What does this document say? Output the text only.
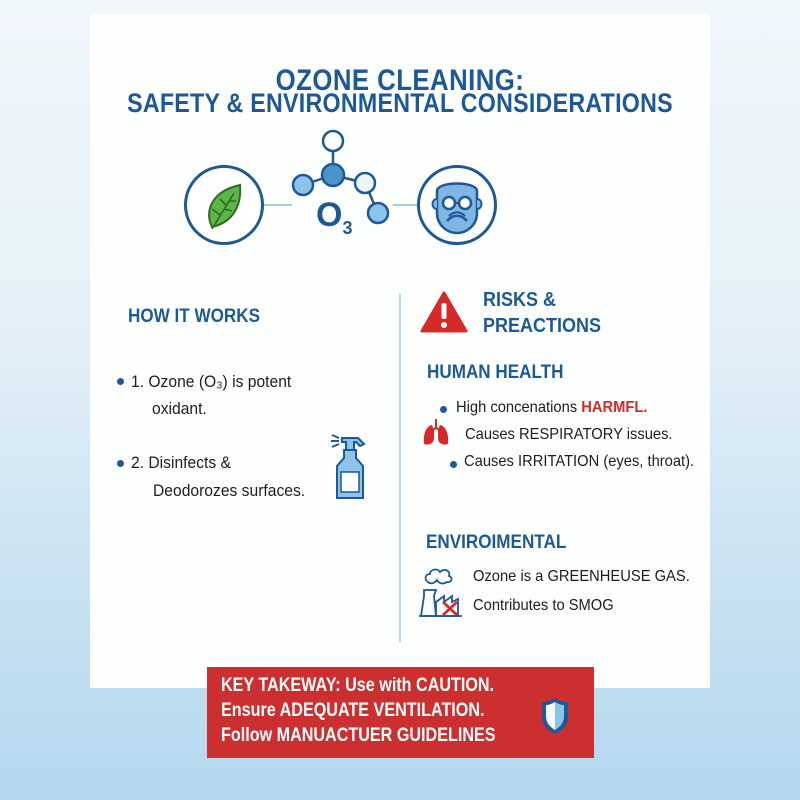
OZONE CLEANING:
SAFETY & ENVIRONMENTAL CONSIDERATIONS
O3
HOW IT WORKS
1. Ozone (O₃) is potent
oxidant.
2. Disinfects &
Deodorozes surfaces.
RISKS &
PREACTIONS
HUMAN HEALTH
High concenations HARMFL.
Causes RESPIRATORY issues.
Causes IRRITATION (eyes, throat).
ENVIROIMENTAL
Ozone is a GREENHEUSE GAS.
Contributes to SMOG
KEY TAKEWAY: Use with CAUTION.
Ensure ADEQUATE VENTILATION.
Follow MANUACTUER GUIDELINES
